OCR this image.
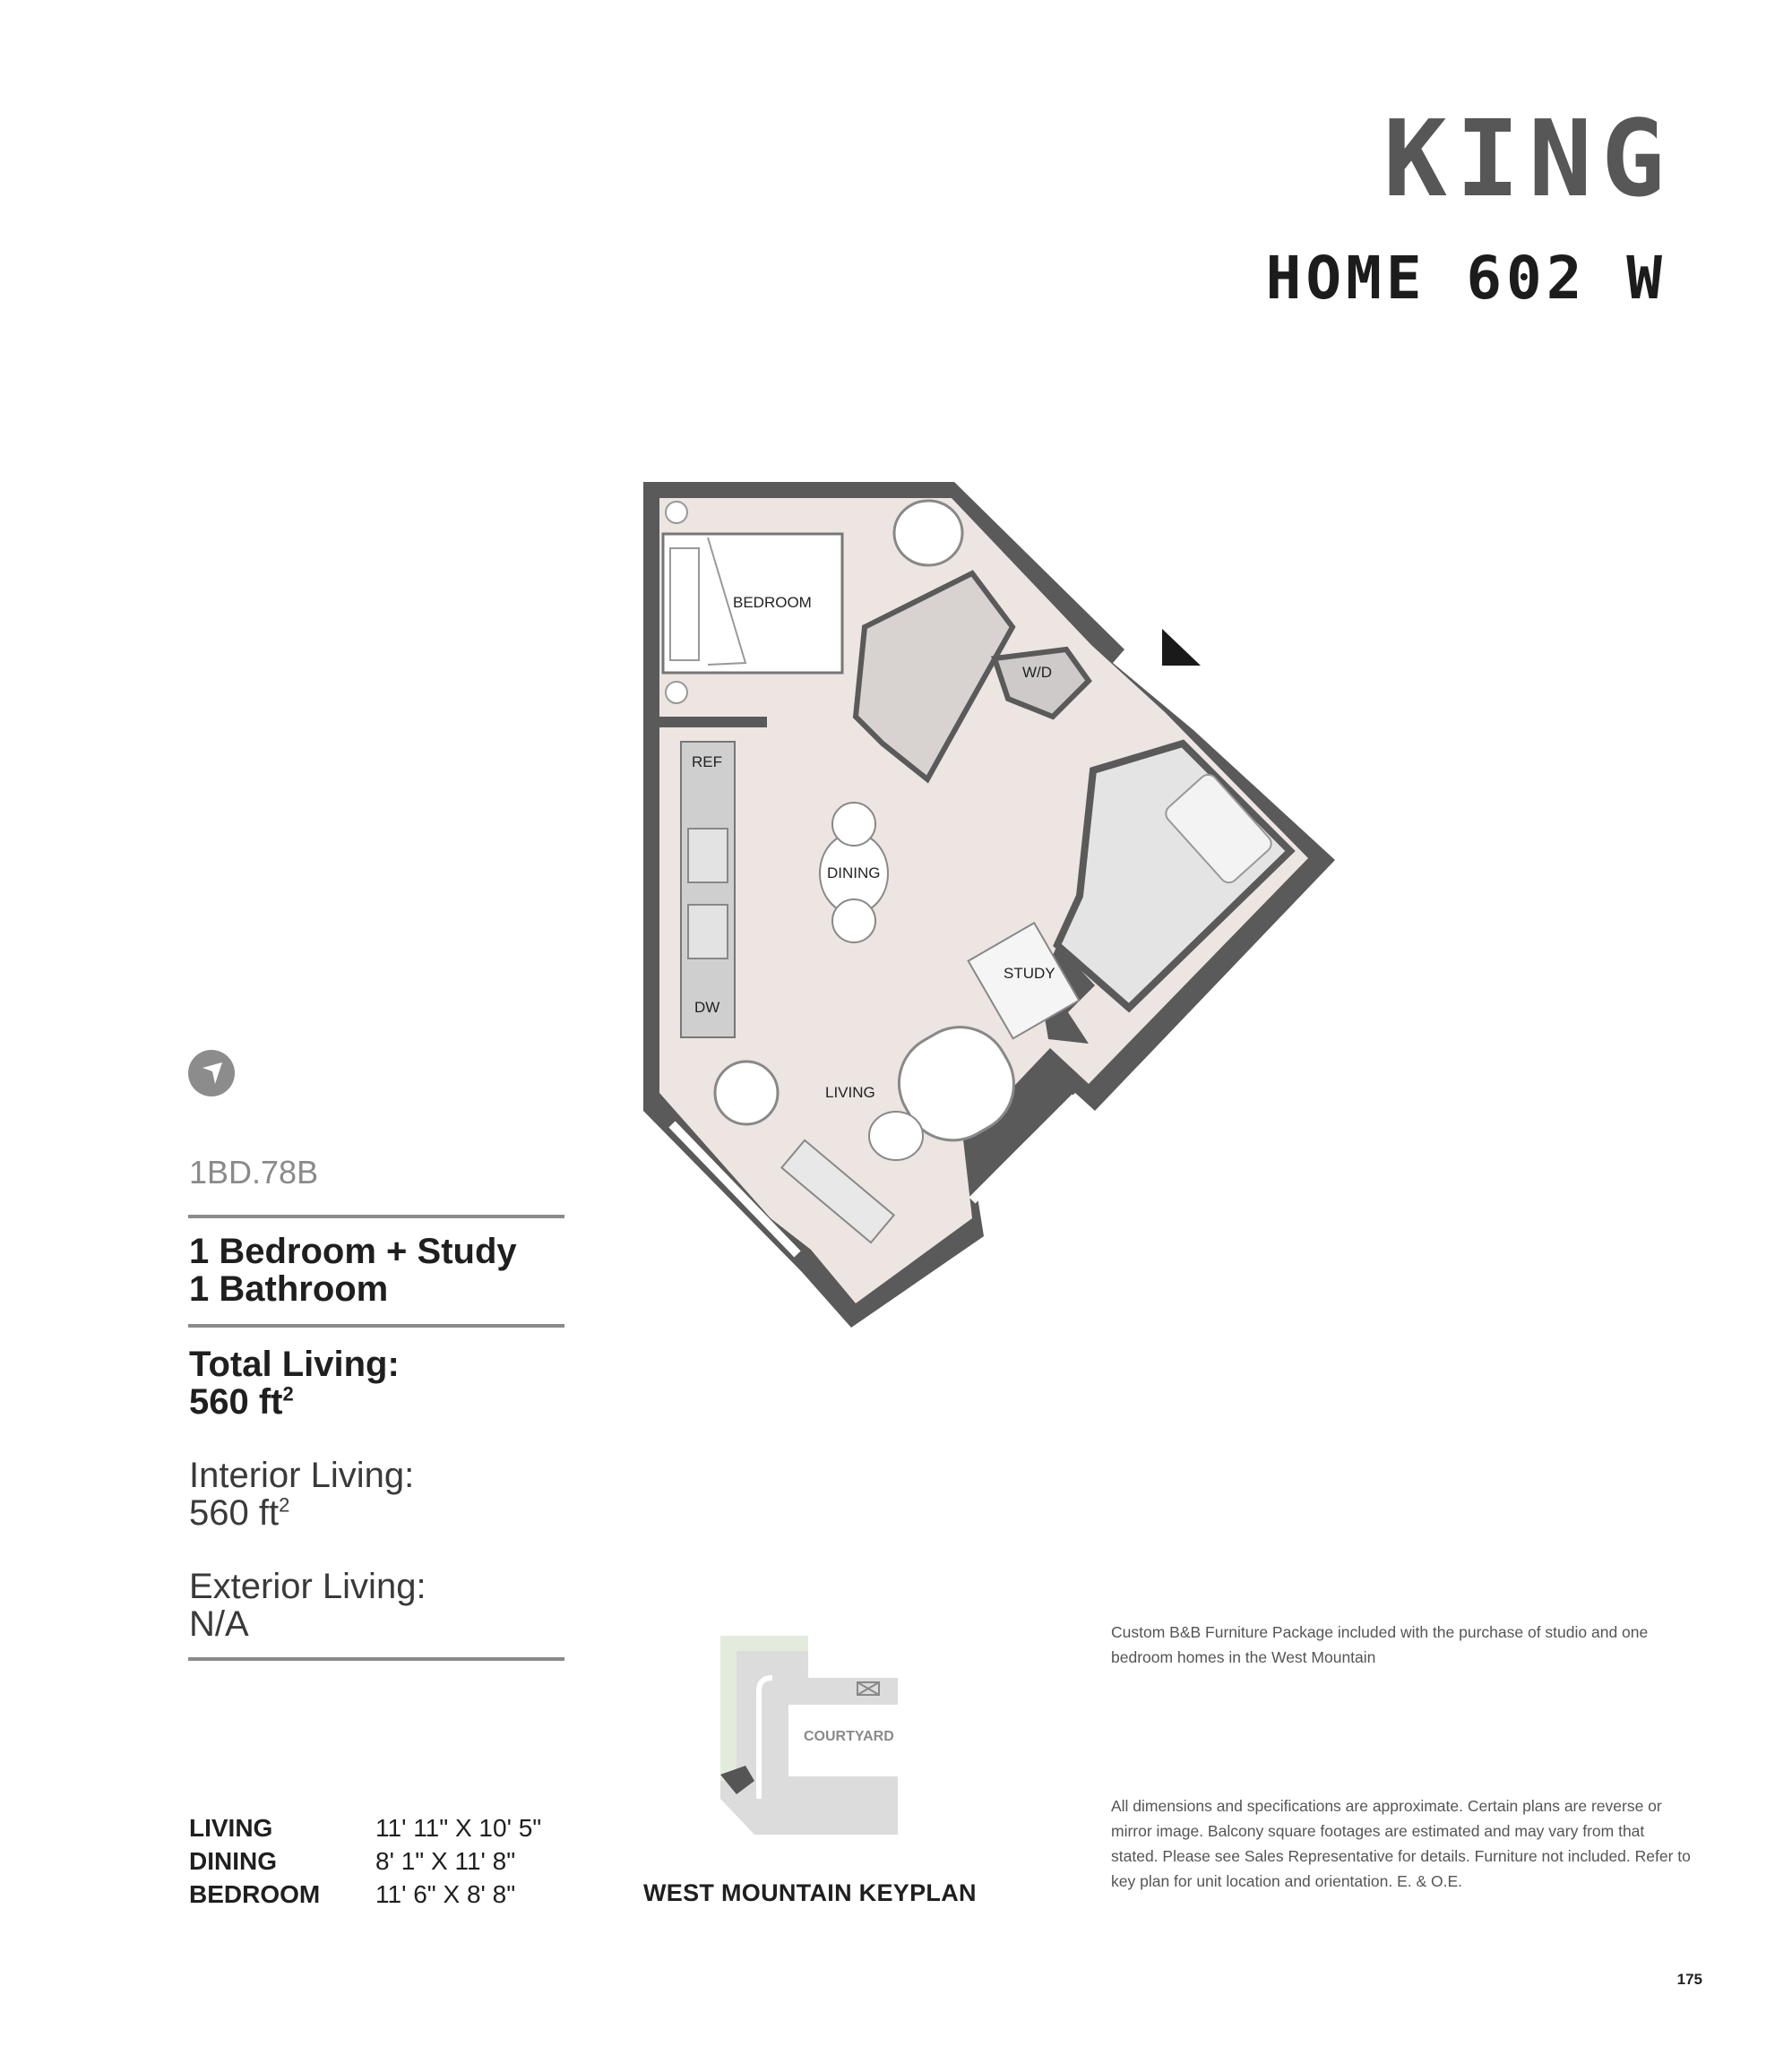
KING
HOME 602 W
BEDROOM
W/D
REF
DINING
STUDY
DW
LIVING
1BD.78B
1 Bedroom + Study
1 Bathroom
Total Living:
560 $ft^2$
Interior Living:
560 $ft^2$
Exterior Living:
N/A
LIVING	11' 11" X 10' 5"
DINING	8' 1" X 11' 8"
BEDROOM	11' 6" X 8' 8"
COURTYARD
WEST MOUNTAIN KEYPLAN
Custom B&B Furniture Package included with the purchase of studio and one bedroom homes in the West Mountain
All dimensions and specifications are approximate. Certain plans are reverse or mirror image. Balcony square footages are estimated and may vary from that stated. Please see Sales Representative for details. Furniture not included. Refer to key plan for unit location and orientation. E. & O.E.
175
